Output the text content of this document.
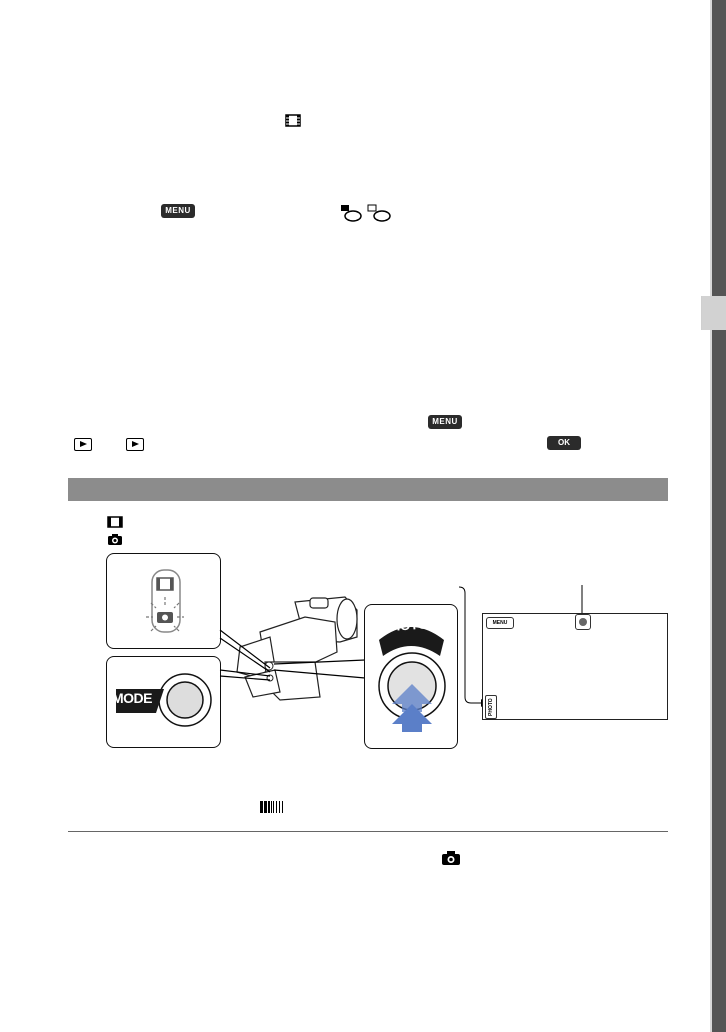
MENU
MENU

OK
MODE
PHOTO	MENU
PHOTO
